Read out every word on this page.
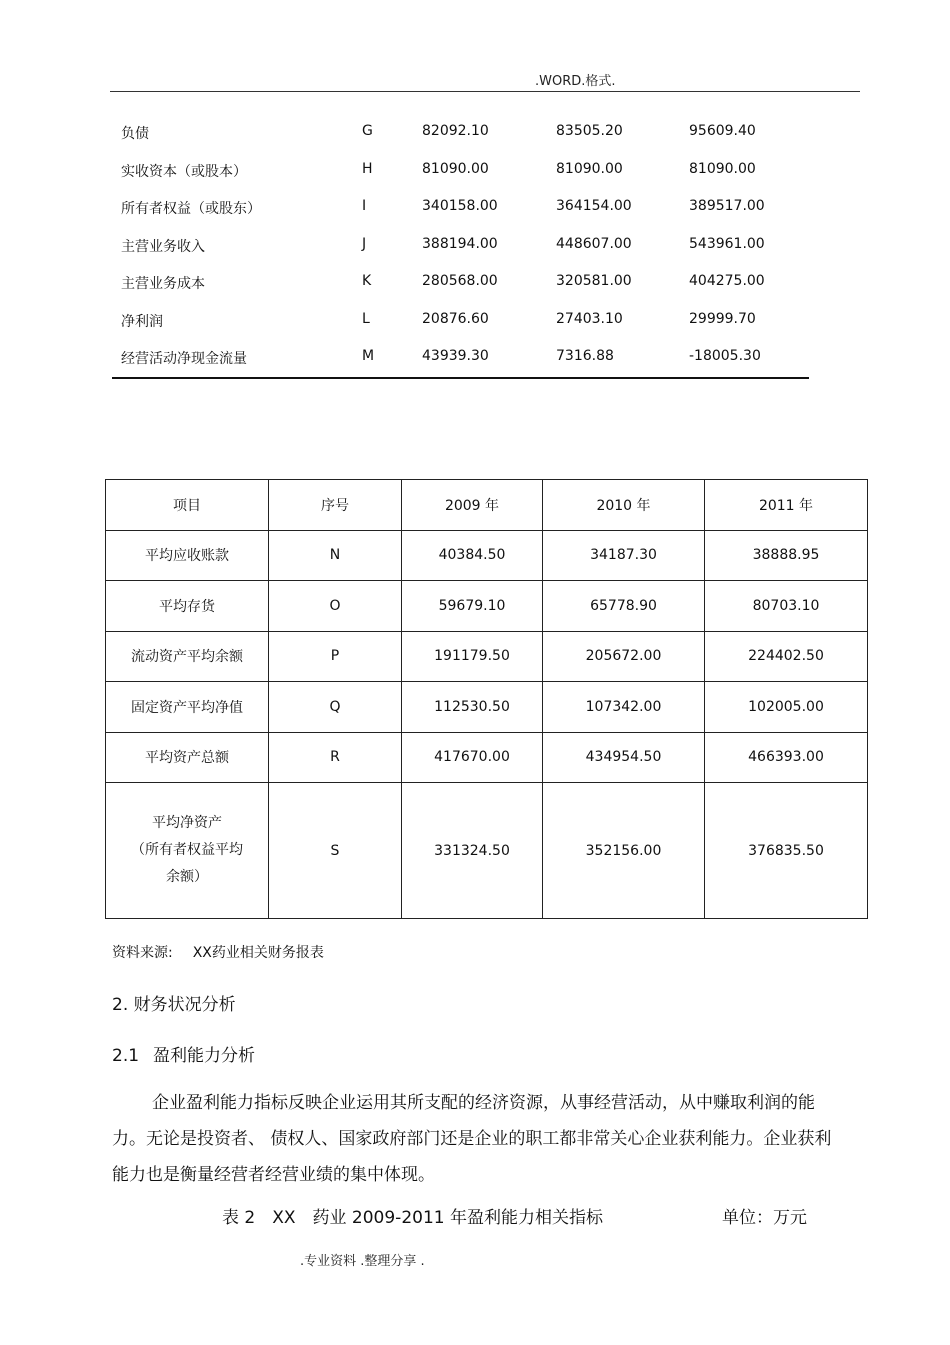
.WORD.格式.
负债	G	82092.10	83505.20	95609.40
实收资本（或股本）	H	81090.00	81090.00	81090.00
所有者权益（或股东）	I	340158.00	364154.00	389517.00
主营业务收入	J	388194.00	448607.00	543961.00
主营业务成本	K	280568.00	320581.00	404275.00
净利润	L	20876.60	27403.10	29999.70
经营活动净现金流量	M	43939.30	7316.88	-18005.30
项目	序号	2009 年	2010 年	2011 年
平均应收账款	N	40384.50	34187.30	38888.95
平均存货	O	59679.10	65778.90	80703.10
流动资产平均余额	P	191179.50	205672.00	224402.50
固定资产平均净值	Q	112530.50	107342.00	102005.00
平均资产总额	R	417670.00	434954.50	466393.00

平均净资产
（所有者权益平均
余额）	S	331324.50	352156.00	376835.50
资料来源: XX药业相关财务报表
2. 财务状况分析
2.1 盈利能力分析
企业盈利能力指标反映企业运用其所支配的经济资源，从事经营活动，从中赚取利润的能力。无论是投资者、 债权人、国家政府部门还是企业的职工都非常关心企业获利能力。企业获利能力也是衡量经营者经营业绩的集中体现。
表 2　XX　药业 2009-2011 年盈利能力相关指标	单位：万元
.专业资料 .整理分享 .
